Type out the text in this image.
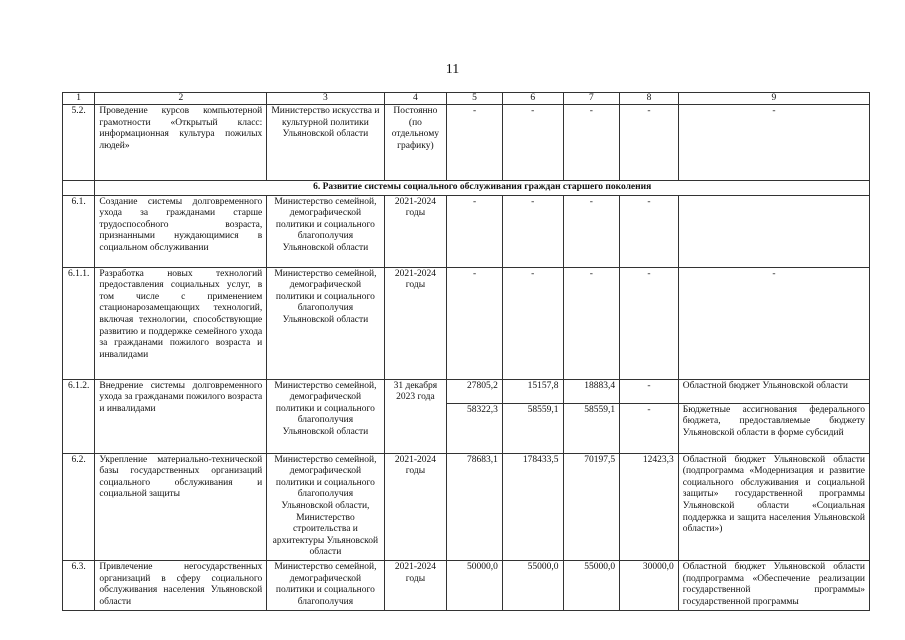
11
1	2	3	4	5	6	7	8	9
5.2.	Проведение курсов компьютерной грамотности «Открытый класс: информационная культура пожилых людей»	Министерство искусства и культурной политики Ульяновской области	Постоянно (по отдельному графику)	-	-	-	-	-
	6. Развитие системы социального обслуживания граждан старшего поколения							
6.1.	Создание системы долговременного ухода за гражданами старше трудоспособного возраста, признанными нуждающимися в социальном обслуживании	Министерство семейной, демографической политики и социального благополучия Ульяновской области	2021-2024 годы	-	-	-	-	
6.1.1.	Разработка новых технологий предоставления социальных услуг, в том числе с применением стационарозамещающих технологий, включая технологии, способствующие развитию и поддержке семейного ухода за гражданами пожилого возраста и инвалидами	Министерство семейной, демографической политики и социального благополучия Ульяновской области	2021-2024 годы	-	-	-	-	-
6.1.2.	Внедрение системы долговременного ухода за гражданами пожилого возраста и инвалидами	Министерство семейной, демографической политики и социального благополучия Ульяновской области	31 декабря 2023 года	27805,2	15157,8	18883,4	-	Областной бюджет Ульяновской области
				58322,3	58559,1	58559,1	-	Бюджетные ассигнования федерального бюджета, предоставляемые бюджету Ульяновской области в форме субсидий
6.2.	Укрепление материально-технической базы государственных организаций социального обслуживания и социальной защиты	Министерство семейной, демографической политики и социального благополучия Ульяновской области, Министерство строительства и архитектуры Ульяновской области	2021-2024 годы	78683,1	178433,5	70197,5	12423,3	Областной бюджет Ульяновской области (подпрограмма «Модернизация и развитие социального обслуживания и социальной защиты» государственной программы Ульяновской области «Социальная поддержка и защита населения Ульяновской области»)
6.3.	Привлечение негосударственных организаций в сферу социального обслуживания населения Ульяновской области	Министерство семейной, демографической политики и социального благополучия	2021-2024 годы	50000,0	55000,0	55000,0	30000,0	Областной бюджет Ульяновской области (подпрограмма «Обеспечение реализации государственной программы» государственной программы
